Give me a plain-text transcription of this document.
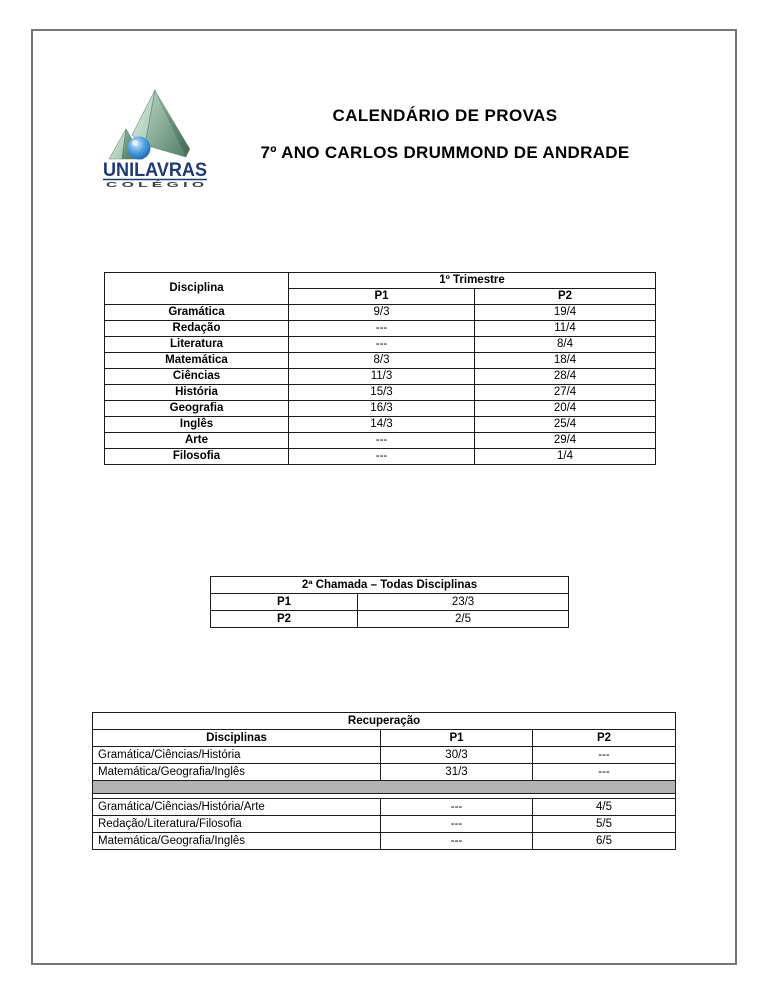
UNILAVRAS
C O L É G I O
CALENDÁRIO DE PROVAS
7º ANO CARLOS DRUMMOND DE ANDRADE
Disciplina	1º Trimestre	
	P1	P2
Gramática	9/3	19/4
Redação	---	11/4
Literatura	---	8/4
Matemática	8/3	18/4
Ciências	11/3	28/4
História	15/3	27/4
Geografia	16/3	20/4
Inglês	14/3	25/4
Arte	---	29/4
Filosofia	---	1/4
2ª Chamada – Todas Disciplinas	
P1	23/3
P2	2/5
Recuperação		
Disciplinas	P1	P2
Gramática/Ciências/História	30/3	---
Matemática/Geografia/Inglês	31/3	---

Gramática/Ciências/História/Arte	---	4/5
Redação/Literatura/Filosofia	---	5/5
Matemática/Geografia/Inglês	---	6/5
